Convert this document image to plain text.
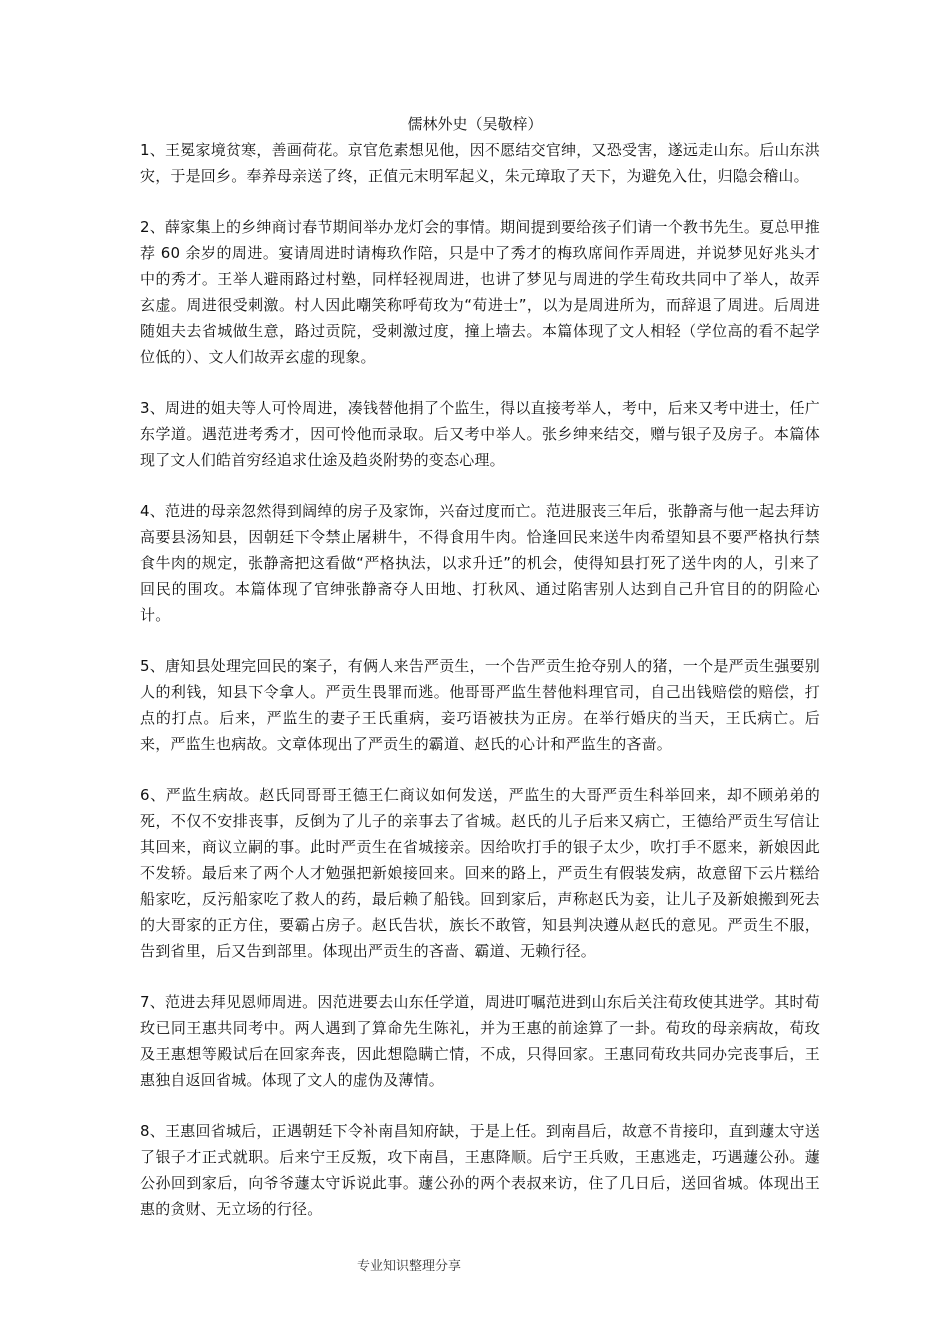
儒林外史（吴敬梓）

1、王冕家境贫寒，善画荷花。京官危素想见他，因不愿结交官绅，又恐受害，遂远走山东。后山东洪灾，于是回乡。奉养母亲送了终，正值元末明军起义，朱元璋取了天下，为避免入仕，归隐会稽山。

2、薛家集上的乡绅商讨春节期间举办龙灯会的事情。期间提到要给孩子们请一个教书先生。夏总甲推荐 60 余岁的周进。宴请周进时请梅玖作陪，只是中了秀才的梅玖席间作弄周进，并说梦见好兆头才中的秀才。王举人避雨路过村塾，同样轻视周进，也讲了梦见与周进的学生荀玫共同中了举人，故弄玄虚。周进很受刺激。村人因此嘲笑称呼荀玫为“荀进士”，以为是周进所为，而辞退了周进。后周进随姐夫去省城做生意，路过贡院，受刺激过度，撞上墙去。本篇体现了文人相轻（学位高的看不起学位低的）、文人们故弄玄虚的现象。

3、周进的姐夫等人可怜周进，凑钱替他捐了个监生，得以直接考举人，考中，后来又考中进士，任广东学道。遇范进考秀才，因可怜他而录取。后又考中举人。张乡绅来结交，赠与银子及房子。本篇体现了文人们皓首穷经追求仕途及趋炎附势的变态心理。

4、范进的母亲忽然得到阔绰的房子及家饰，兴奋过度而亡。范进服丧三年后，张静斋与他一起去拜访高要县汤知县，因朝廷下令禁止屠耕牛，不得食用牛肉。恰逢回民来送牛肉希望知县不要严格执行禁食牛肉的规定，张静斋把这看做“严格执法，以求升迁”的机会，使得知县打死了送牛肉的人，引来了回民的围攻。本篇体现了官绅张静斋夺人田地、打秋风、通过陷害别人达到自己升官目的的阴险心计。

5、唐知县处理完回民的案子，有俩人来告严贡生，一个告严贡生抢夺别人的猪，一个是严贡生强要别人的利钱，知县下令拿人。严贡生畏罪而逃。他哥哥严监生替他料理官司，自己出钱赔偿的赔偿，打点的打点。后来，严监生的妻子王氏重病，妾巧语被扶为正房。在举行婚庆的当天，王氏病亡。后来，严监生也病故。文章体现出了严贡生的霸道、赵氏的心计和严监生的吝啬。

6、严监生病故。赵氏同哥哥王德王仁商议如何发送，严监生的大哥严贡生科举回来，却不顾弟弟的死，不仅不安排丧事，反倒为了儿子的亲事去了省城。赵氏的儿子后来又病亡，王德给严贡生写信让其回来，商议立嗣的事。此时严贡生在省城接亲。因给吹打手的银子太少，吹打手不愿来，新娘因此不发轿。最后来了两个人才勉强把新娘接回来。回来的路上，严贡生有假装发病，故意留下云片糕给船家吃，反污船家吃了救人的药，最后赖了船钱。回到家后，声称赵氏为妾，让儿子及新娘搬到死去的大哥家的正方住，要霸占房子。赵氏告状，族长不敢管，知县判决遵从赵氏的意见。严贡生不服，告到省里，后又告到部里。体现出严贡生的吝啬、霸道、无赖行径。

7、范进去拜见恩师周进。因范进要去山东任学道，周进叮嘱范进到山东后关注荀玫使其进学。其时荀玫已同王惠共同考中。两人遇到了算命先生陈礼，并为王惠的前途算了一卦。荀玫的母亲病故，荀玫及王惠想等殿试后在回家奔丧，因此想隐瞒亡情，不成，只得回家。王惠同荀玫共同办完丧事后，王惠独自返回省城。体现了文人的虚伪及薄情。

8、王惠回省城后，正遇朝廷下令补南昌知府缺，于是上任。到南昌后，故意不肯接印，直到蘧太守送了银子才正式就职。后来宁王反叛，攻下南昌，王惠降顺。后宁王兵败，王惠逃走，巧遇蘧公孙。蘧公孙回到家后，向爷爷蘧太守诉说此事。蘧公孙的两个表叔来访，住了几日后，送回省城。体现出王惠的贪财、无立场的行径。

专业知识整理分享
